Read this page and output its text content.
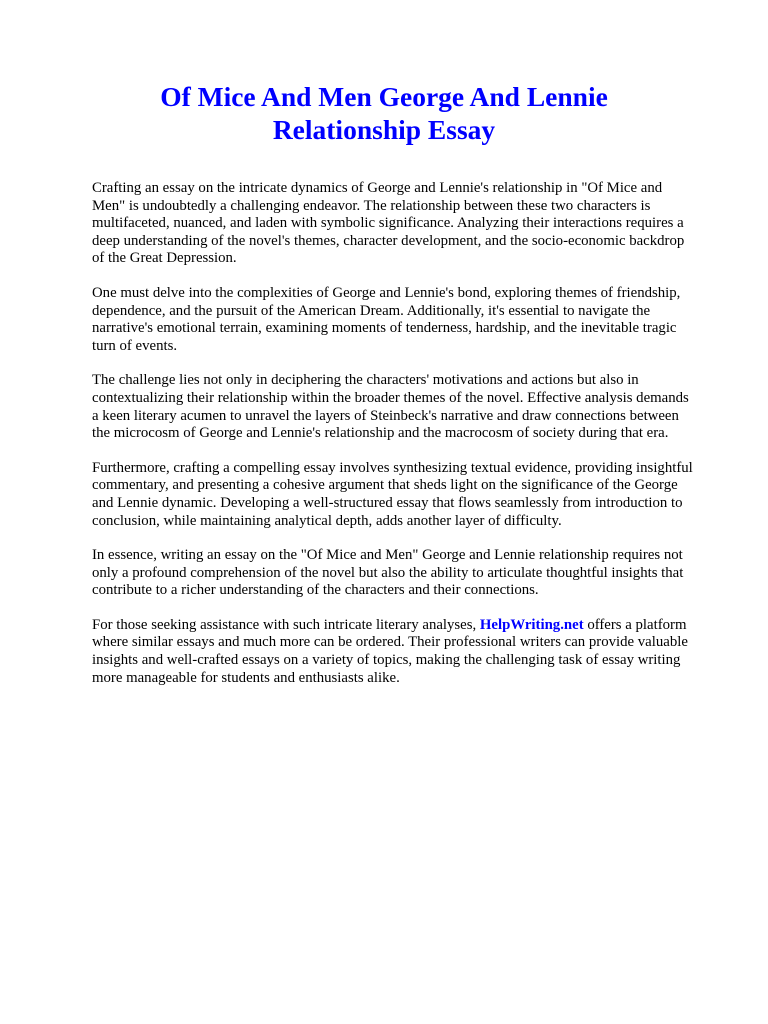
Of Mice And Men George And Lennie
Relationship Essay

Crafting an essay on the intricate dynamics of George and Lennie's relationship in "Of Mice and
Men" is undoubtedly a challenging endeavor. The relationship between these two characters is
multifaceted, nuanced, and laden with symbolic significance. Analyzing their interactions requires a
deep understanding of the novel's themes, character development, and the socio-economic backdrop
of the Great Depression.

One must delve into the complexities of George and Lennie's bond, exploring themes of friendship,
dependence, and the pursuit of the American Dream. Additionally, it's essential to navigate the
narrative's emotional terrain, examining moments of tenderness, hardship, and the inevitable tragic
turn of events.

The challenge lies not only in deciphering the characters' motivations and actions but also in
contextualizing their relationship within the broader themes of the novel. Effective analysis demands
a keen literary acumen to unravel the layers of Steinbeck's narrative and draw connections between
the microcosm of George and Lennie's relationship and the macrocosm of society during that era.

Furthermore, crafting a compelling essay involves synthesizing textual evidence, providing insightful
commentary, and presenting a cohesive argument that sheds light on the significance of the George
and Lennie dynamic. Developing a well-structured essay that flows seamlessly from introduction to
conclusion, while maintaining analytical depth, adds another layer of difficulty.

In essence, writing an essay on the "Of Mice and Men" George and Lennie relationship requires not
only a profound comprehension of the novel but also the ability to articulate thoughtful insights that
contribute to a richer understanding of the characters and their connections.

For those seeking assistance with such intricate literary analyses, HelpWriting.net offers a platform
where similar essays and much more can be ordered. Their professional writers can provide valuable
insights and well-crafted essays on a variety of topics, making the challenging task of essay writing
more manageable for students and enthusiasts alike.
